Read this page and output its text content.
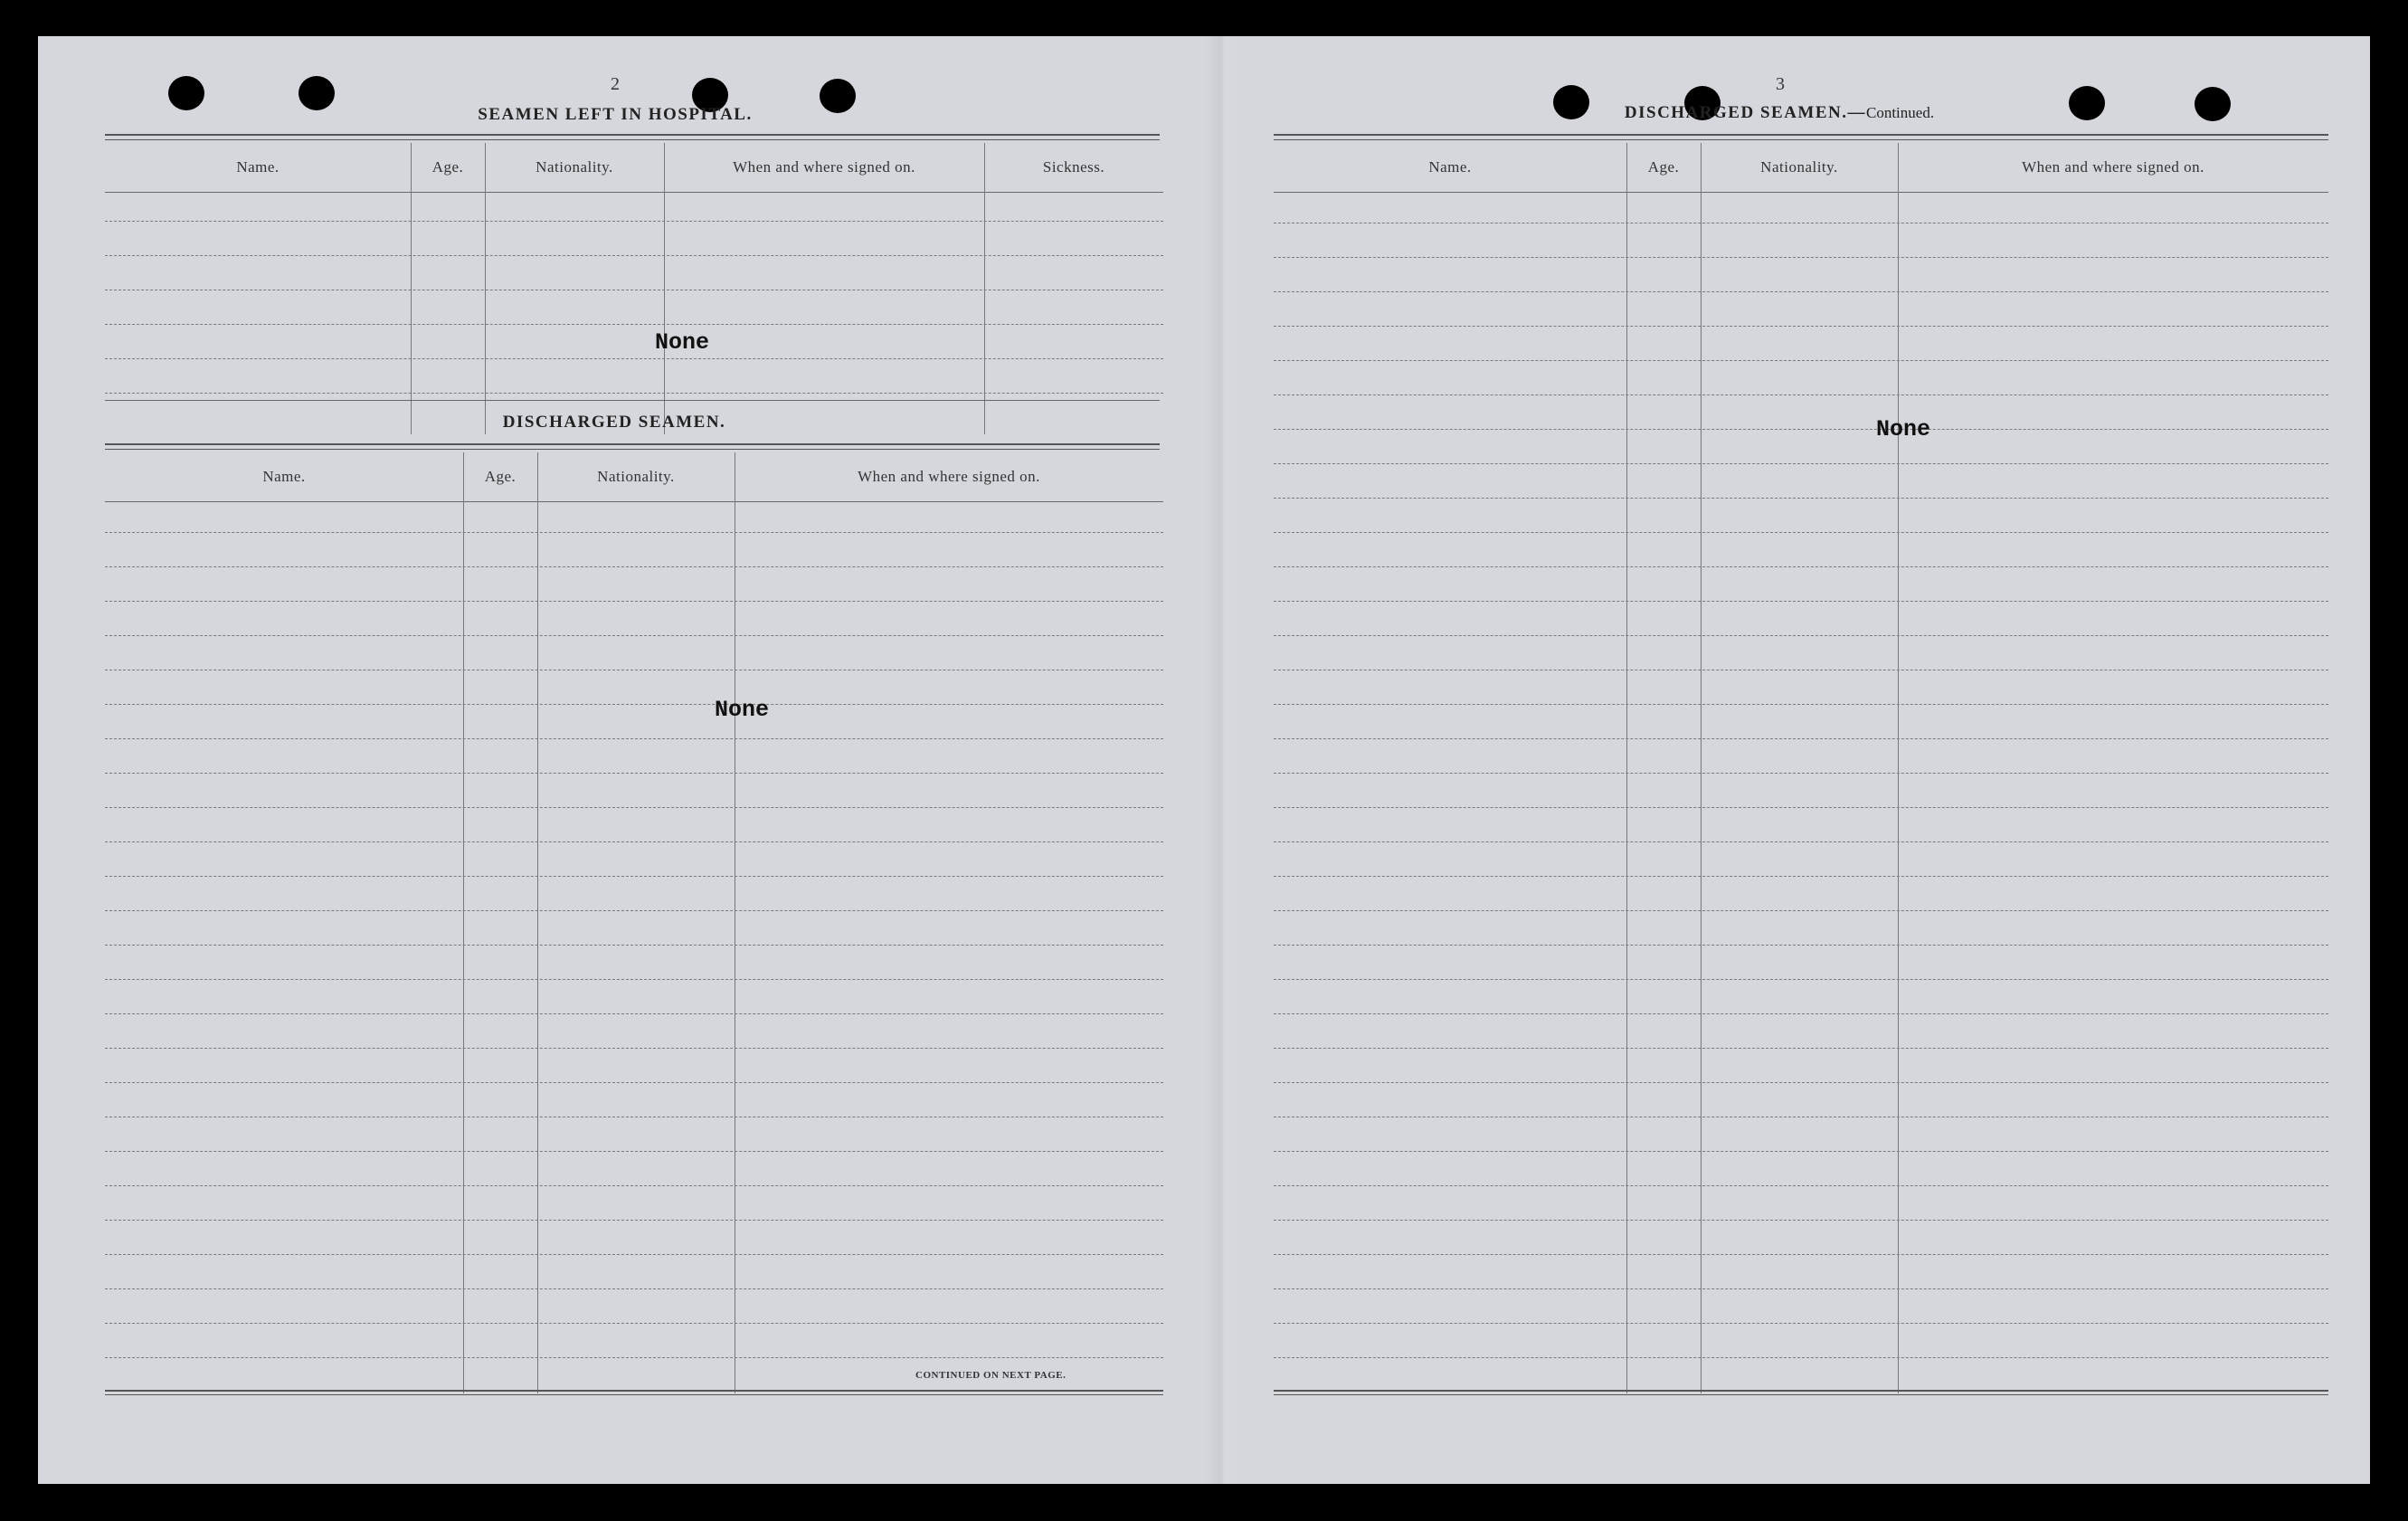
2
SEAMEN LEFT IN HOSPITAL.
Name.	Age.	Nationality.	When and where signed on.	Sickness.
None
DISCHARGED SEAMEN.
Name.	Age.	Nationality.	When and where signed on.
None
CONTINUED ON NEXT PAGE.
3
DISCHARGED SEAMEN.—Continued.
Name.	Age.	Nationality.	When and where signed on.
None
